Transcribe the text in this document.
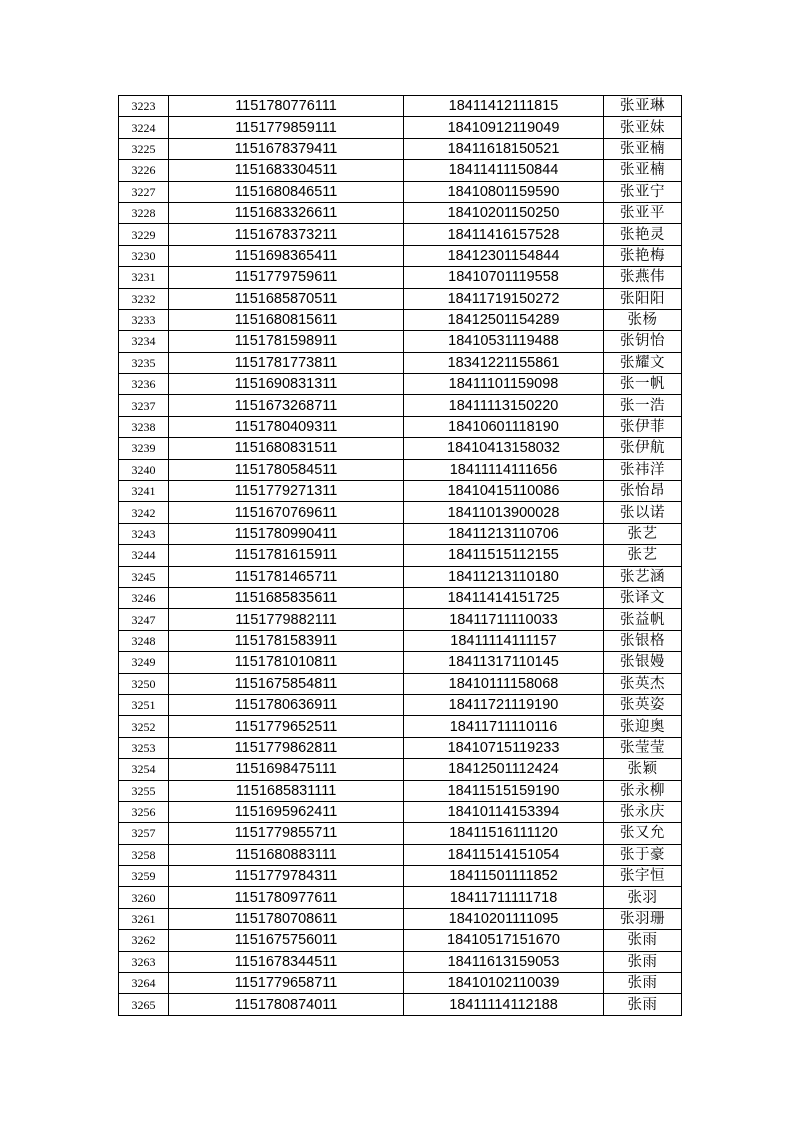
3223	1151780776111	18411412111815	张亚琳
3224	1151779859111	18410912119049	张亚妹
3225	1151678379411	18411618150521	张亚楠
3226	1151683304511	18411411150844	张亚楠
3227	1151680846511	18410801159590	张亚宁
3228	1151683326611	18410201150250	张亚平
3229	1151678373211	18411416157528	张艳灵
3230	1151698365411	18412301154844	张艳梅
3231	1151779759611	18410701119558	张燕伟
3232	1151685870511	18411719150272	张阳阳
3233	1151680815611	18412501154289	张杨
3234	1151781598911	18410531119488	张钥怡
3235	1151781773811	18341221155861	张耀文
3236	1151690831311	18411101159098	张一帆
3237	1151673268711	18411113150220	张一浩
3238	1151780409311	18410601118190	张伊菲
3239	1151680831511	18410413158032	张伊航
3240	1151780584511	18411114111656	张祎洋
3241	1151779271311	18410415110086	张怡昂
3242	1151670769611	18411013900028	张以诺
3243	1151780990411	18411213110706	张艺
3244	1151781615911	18411515112155	张艺
3245	1151781465711	18411213110180	张艺涵
3246	1151685835611	18411414151725	张译文
3247	1151779882111	18411711110033	张益帆
3248	1151781583911	18411114111157	张银格
3249	1151781010811	18411317110145	张银嫚
3250	1151675854811	18410111158068	张英杰
3251	1151780636911	18411721119190	张英姿
3252	1151779652511	18411711110116	张迎奥
3253	1151779862811	18410715119233	张莹莹
3254	1151698475111	18412501112424	张颖
3255	1151685831111	18411515159190	张永柳
3256	1151695962411	18410114153394	张永庆
3257	1151779855711	18411516111120	张又允
3258	1151680883111	18411514151054	张于豪
3259	1151779784311	18411501111852	张宇恒
3260	1151780977611	18411711111718	张羽
3261	1151780708611	18410201111095	张羽珊
3262	1151675756011	18410517151670	张雨
3263	1151678344511	18411613159053	张雨
3264	1151779658711	18410102110039	张雨
3265	1151780874011	18411114112188	张雨
